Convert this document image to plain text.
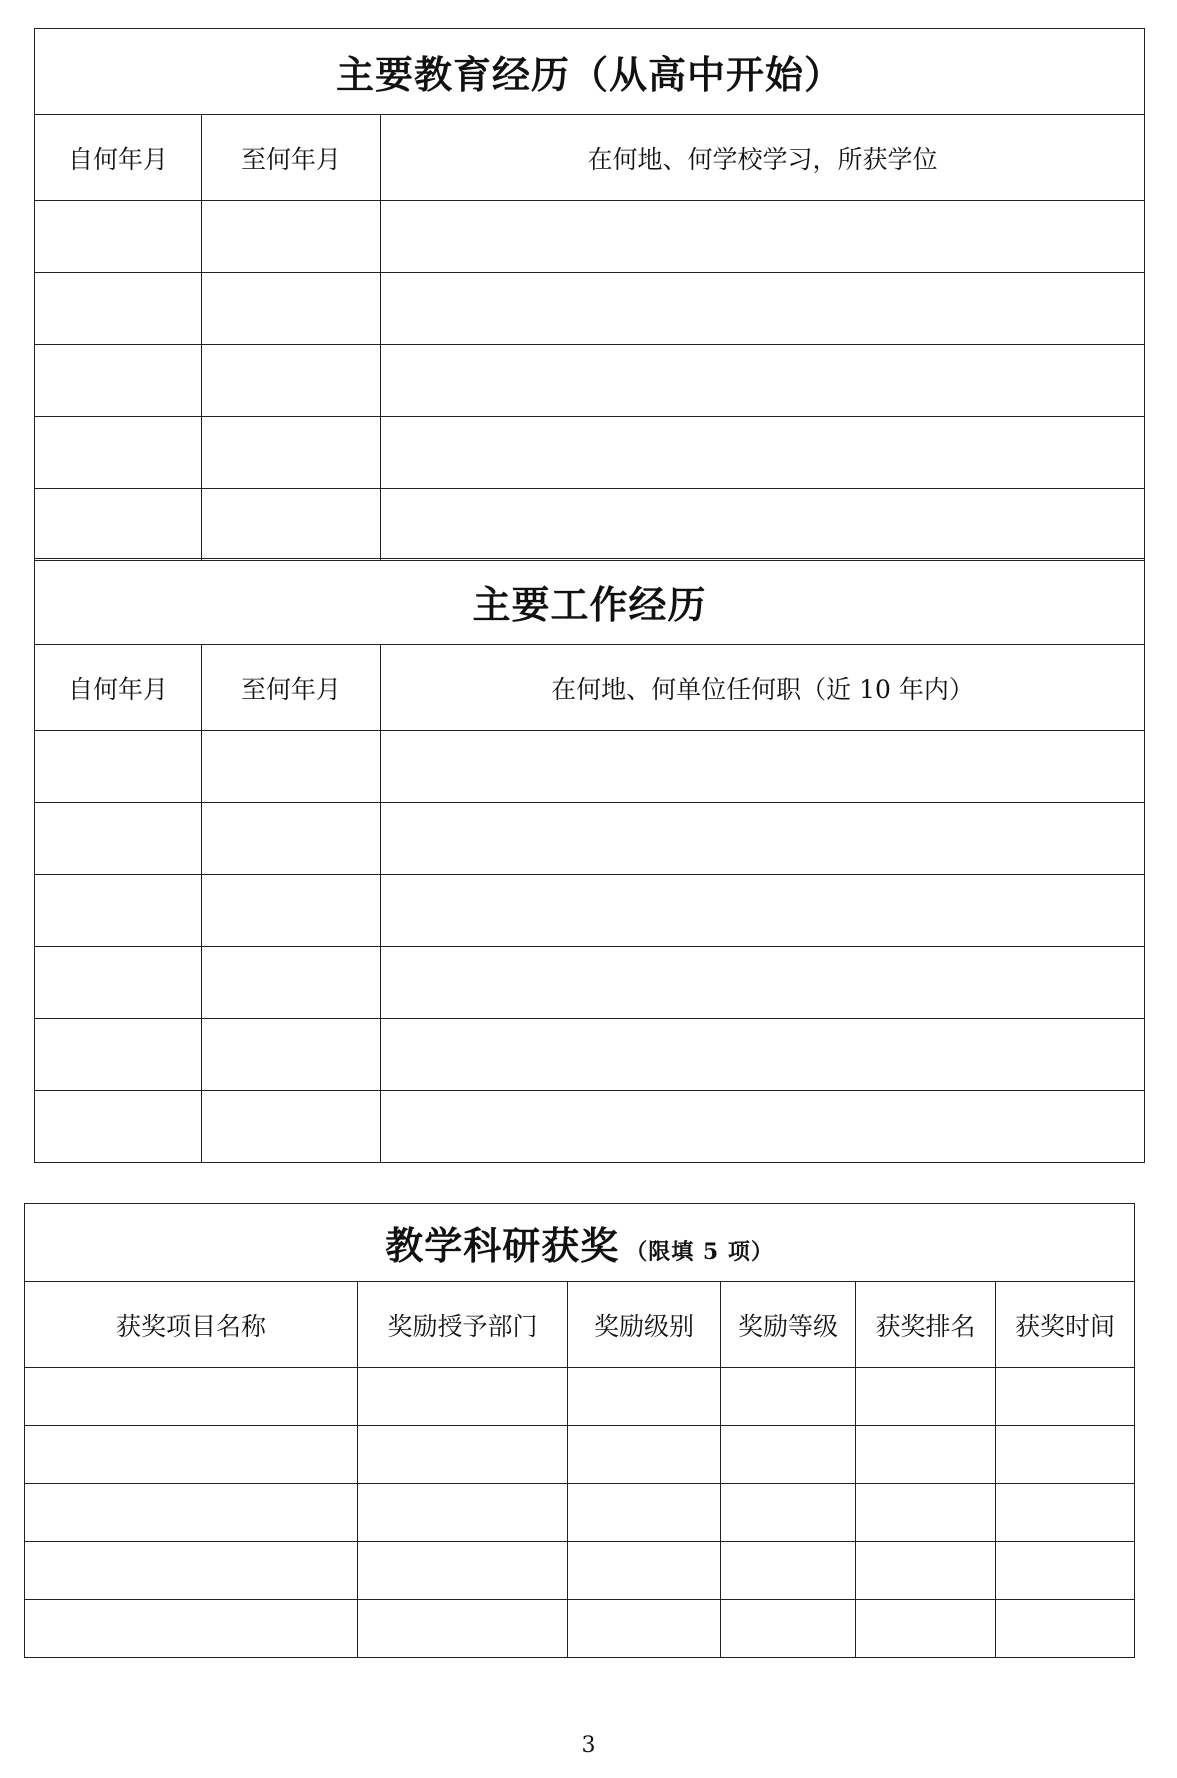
主要教育经历（从高中开始）		
自何年月	至何年月	在何地、何学校学习，所获学位

主要工作经历		
自何年月	至何年月	在何地、何单位任何职（近 10 年内）

教学科研获奖 （限填 5 项）					
获奖项目名称	奖励授予部门	奖励级别	奖励等级	获奖排名	获奖时间

3
